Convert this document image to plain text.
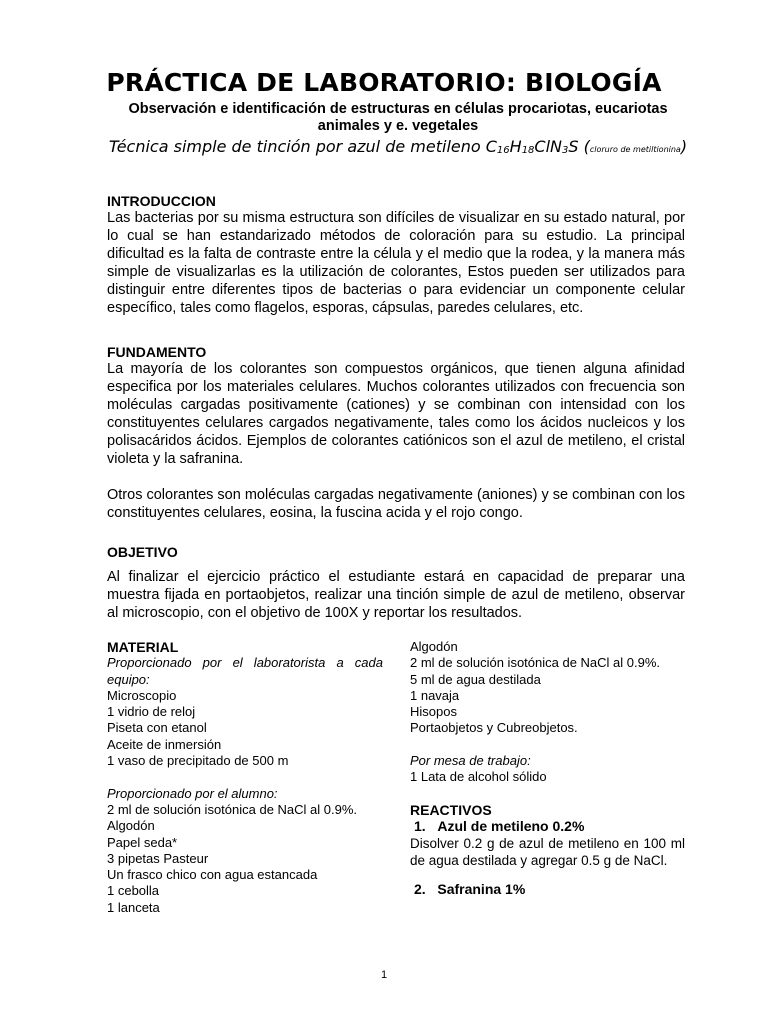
PRÁCTICA DE LABORATORIO: BIOLOGÍA
Observación e identificación de estructuras en células procariotas, eucariotas animales y e. vegetales
Técnica simple de tinción por azul de metileno $C_{16}H_{18}ClN_3S$ (cloruro de metiltionina)
INTRODUCCION

Las bacterias por su misma estructura son difíciles de visualizar en su estado natural, por lo cual se han estandarizado métodos de coloración para su estudio. La principal dificultad es la falta de contraste entre la célula y el medio que la rodea, y la manera más simple de visualizarlas es la utilización de colorantes, Estos pueden ser utilizados para distinguir entre diferentes tipos de bacterias o para evidenciar un componente celular específico, tales como flagelos, esporas, cápsulas, paredes celulares, etc.

FUNDAMENTO

La mayoría de los colorantes son compuestos orgánicos, que tienen alguna afinidad especifica por los materiales celulares. Muchos colorantes utilizados con frecuencia son moléculas cargadas positivamente (cationes) y se combinan con intensidad con los constituyentes celulares cargados negativamente, tales como los ácidos nucleicos y los polisacáridos ácidos. Ejemplos de colorantes catiónicos son el azul de metileno, el cristal violeta y la safranina.

Otros colorantes son moléculas cargadas negativamente (aniones) y se combinan con los constituyentes celulares, eosina, la fuscina acida y el rojo congo.

OBJETIVO

Al finalizar el ejercicio práctico el estudiante estará en capacidad de preparar una muestra fijada en portaobjetos, realizar una tinción simple de azul de metileno, observar al microscopio, con el objetivo de 100X y reportar los resultados.

MATERIAL
Proporcionado por el laboratorista a cada equipo:
Microscopio
1 vidrio de reloj
Piseta con etanol
Aceite de inmersión
1 vaso de precipitado de 500 m
Proporcionado por el alumno:
2 ml de solución isotónica de NaCl al 0.9%.
Algodón
Papel seda*
3 pipetas Pasteur
Un frasco chico con agua estancada
1 cebolla
1 lanceta
Algodón
2 ml de solución isotónica de NaCl al 0.9%.
5 ml de agua destilada
1 navaja
Hisopos
Portaobjetos y Cubreobjetos.
Por mesa de trabajo:
1 Lata de alcohol sólido
REACTIVOS
1. Azul de metileno 0.2%
Disolver 0.2 g de azul de metileno en 100 ml de agua destilada y agregar 0.5 g de NaCl.
2. Safranina 1%
1
